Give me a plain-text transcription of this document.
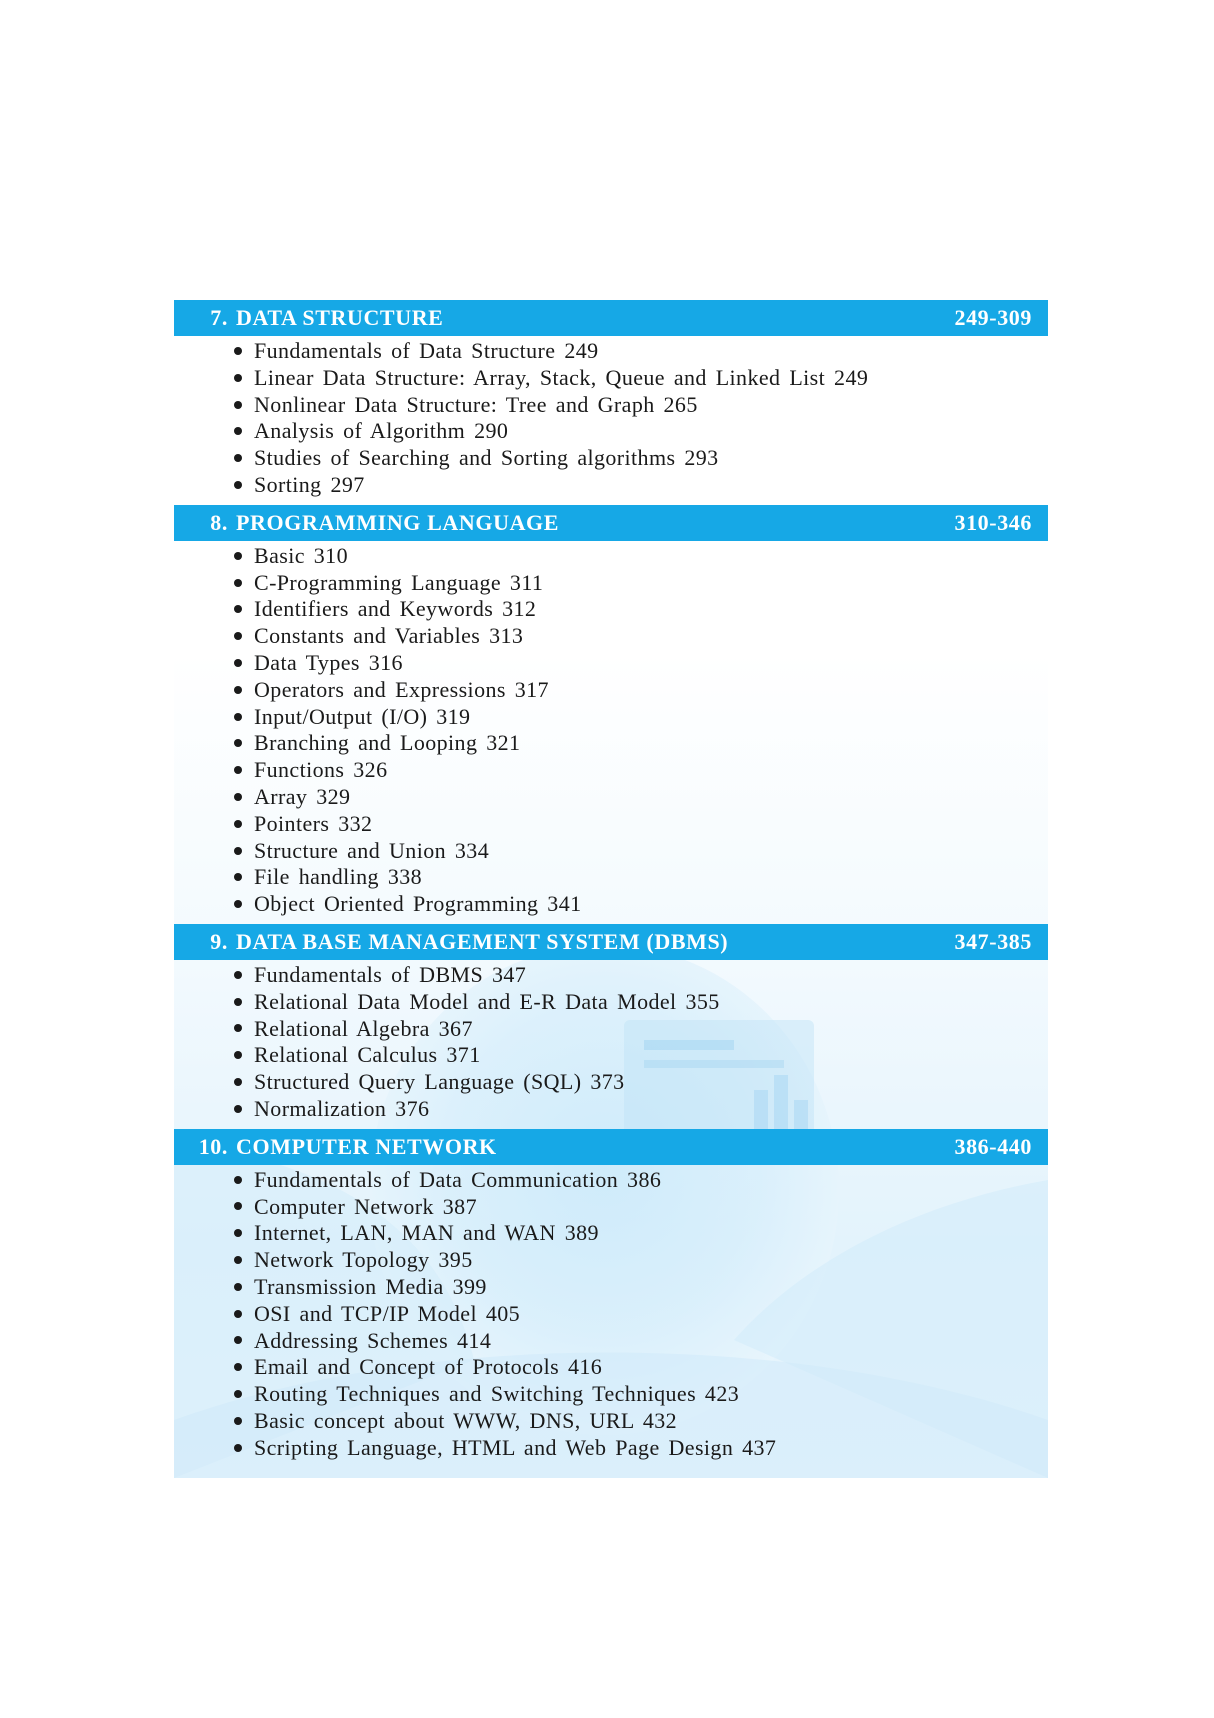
7. DATA STRUCTURE	249-309
Fundamentals of Data Structure 249
Linear Data Structure: Array, Stack, Queue and Linked List 249
Nonlinear Data Structure: Tree and Graph 265
Analysis of Algorithm 290
Studies of Searching and Sorting algorithms 293
Sorting 297
8. PROGRAMMING LANGUAGE	310-346
Basic 310
C-Programming Language 311
Identifiers and Keywords 312
Constants and Variables 313
Data Types 316
Operators and Expressions 317
Input/Output (I/O) 319
Branching and Looping 321
Functions 326
Array 329
Pointers 332
Structure and Union 334
File handling 338
Object Oriented Programming 341
9. DATA BASE MANAGEMENT SYSTEM (DBMS)	347-385
Fundamentals of DBMS 347
Relational Data Model and E-R Data Model 355
Relational Algebra 367
Relational Calculus 371
Structured Query Language (SQL) 373
Normalization 376
10. COMPUTER NETWORK	386-440
Fundamentals of Data Communication 386
Computer Network 387
Internet, LAN, MAN and WAN 389
Network Topology 395
Transmission Media 399
OSI and TCP/IP Model 405
Addressing Schemes 414
Email and Concept of Protocols 416
Routing Techniques and Switching Techniques 423
Basic concept about WWW, DNS, URL 432
Scripting Language, HTML and Web Page Design 437
